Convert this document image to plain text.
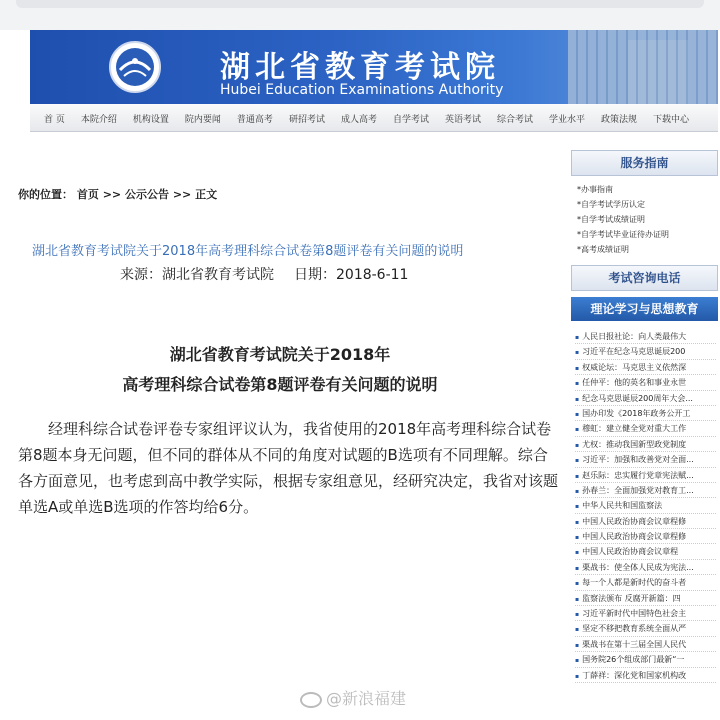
湖北省教育考试院
Hubei Education Examinations Authority
首 页	本院介绍	机构设置	院内要闻	普通高考	研招考试	成人高考	自学考试	英语考试	综合考试	学业水平	政策法规	下载中心
你的位置： 首页 >> 公示公告 >> 正文
湖北省教育考试院关于2018年高考理科综合试卷第8题评卷有关问题的说明
来源：湖北省教育考试院 日期：2018-6-11
湖北省教育考试院关于2018年
高考理科综合试卷第8题评卷有关问题的说明

经理科综合试卷评卷专家组评议认为，我省使用的2018年高考理科综合试卷第8题本身无问题，但不同的群体从不同的角度对试题的B选项有不同理解。综合各方面意见，也考虑到高中教学实际，根据专家组意见，经研究决定，我省对该题单选A或单选B选项的作答均给6分。

服务指南
*办事指南
*自学考试学历认定
*自学考试成绩证明
*自学考试毕业证待办证明
*高考成绩证明
考试咨询电话
理论学习与思想教育
▪ 人民日报社论：向人类最伟大
▪ 习近平在纪念马克思诞辰200
▪ 权威论坛：马克思主义依然深
▪ 任仲平：他的英名和事业永世
▪ 纪念马克思诞辰200周年大会...
▪ 国办印发《2018年政务公开工
▪ 穆虹：建立健全党对重大工作
▪ 尤权：推动我国新型政党制度
▪ 习近平：加强和改善党对全面...
▪ 赵乐际：忠实履行党章宪法赋...
▪ 孙春兰：全面加强党对教育工...
▪ 中华人民共和国监察法
▪ 中国人民政治协商会议章程修
▪ 中国人民政治协商会议章程修
▪ 中国人民政治协商会议章程
▪ 栗战书：使全体人民成为宪法...
▪ 每一个人都是新时代的奋斗者
▪ 监察法颁布 反腐开新篇：四
▪ 习近平新时代中国特色社会主
▪ 坚定不移把教育系统全面从严
▪ 栗战书在第十三届全国人民代
▪ 国务院26个组成部门最新“一
▪ 丁薛祥：深化党和国家机构改
@新浪福建
